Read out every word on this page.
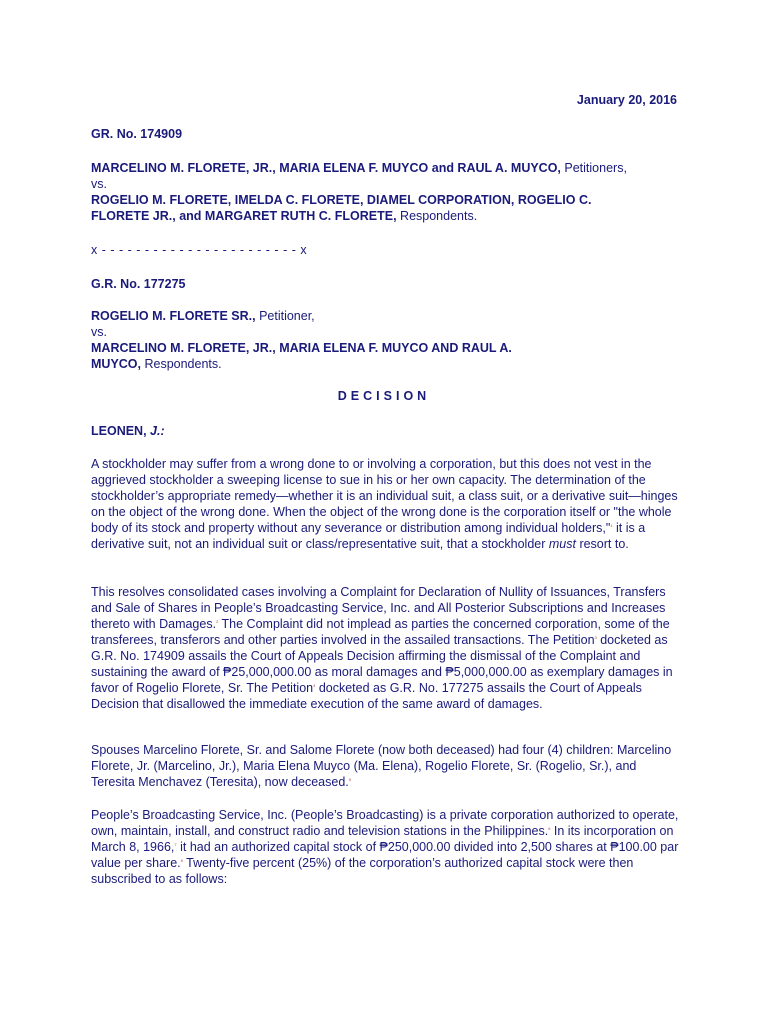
January 20, 2016
GR. No. 174909
MARCELINO M. FLORETE, JR., MARIA ELENA F. MUYCO and RAUL A. MUYCO, Petitioners,
vs.
ROGELIO M. FLORETE, IMELDA C. FLORETE, DIAMEL CORPORATION, ROGELIO C.
FLORETE JR., and MARGARET RUTH C. FLORETE, Respondents.
x - - - - - - - - - - - - - - - - - - - - - - - x
G.R. No. 177275
ROGELIO M. FLORETE SR., Petitioner,
vs.
MARCELINO M. FLORETE, JR., MARIA ELENA F. MUYCO AND RAUL A.
MUYCO, Respondents.
DECISION
LEONEN, J.:

A stockholder may suffer from a wrong done to or involving a corporation, but this does not vest in the aggrieved stockholder a sweeping license to sue in his or her own capacity. The determination of the stockholder’s appropriate remedy—whether it is an individual suit, a class suit, or a derivative suit—hinges on the object of the wrong done. When the object of the wrong done is the corporation itself or "the whole body of its stock and property without any severance or distribution among individual holders,"$^1$ it is a derivative suit, not an individual suit or class/representative suit, that a stockholder must resort to.

This resolves consolidated cases involving a Complaint for Declaration of Nullity of Issuances, Transfers and Sale of Shares in People’s Broadcasting Service, Inc. and All Posterior Subscriptions and Increases thereto with Damages.$^2$ The Complaint did not implead as parties the concerned corporation, some of the transferees, transferors and other parties involved in the assailed transactions. The Petition$^3$ docketed as G.R. No. 174909 assails the Court of Appeals Decision affirming the dismissal of the Complaint and sustaining the award of ₱25,000,000.00 as moral damages and ₱5,000,000.00 as exemplary damages in favor of Rogelio Florete, Sr. The Petition$^4$ docketed as G.R. No. 177275 assails the Court of Appeals Decision that disallowed the immediate execution of the same award of damages.

Spouses Marcelino Florete, Sr. and Salome Florete (now both deceased) had four (4) children: Marcelino Florete, Jr. (Marcelino, Jr.), Maria Elena Muyco (Ma. Elena), Rogelio Florete, Sr. (Rogelio, Sr.), and Teresita Menchavez (Teresita), now deceased.$^5$

People’s Broadcasting Service, Inc. (People’s Broadcasting) is a private corporation authorized to operate, own, maintain, install, and construct radio and television stations in the Philippines.$^6$ In its incorporation on March 8, 1966,$^7$ it had an authorized capital stock of ₱250,000.00 divided into 2,500 shares at ₱100.00 par value per share.$^8$ Twenty-five percent (25%) of the corporation’s authorized capital stock were then subscribed to as follows:
